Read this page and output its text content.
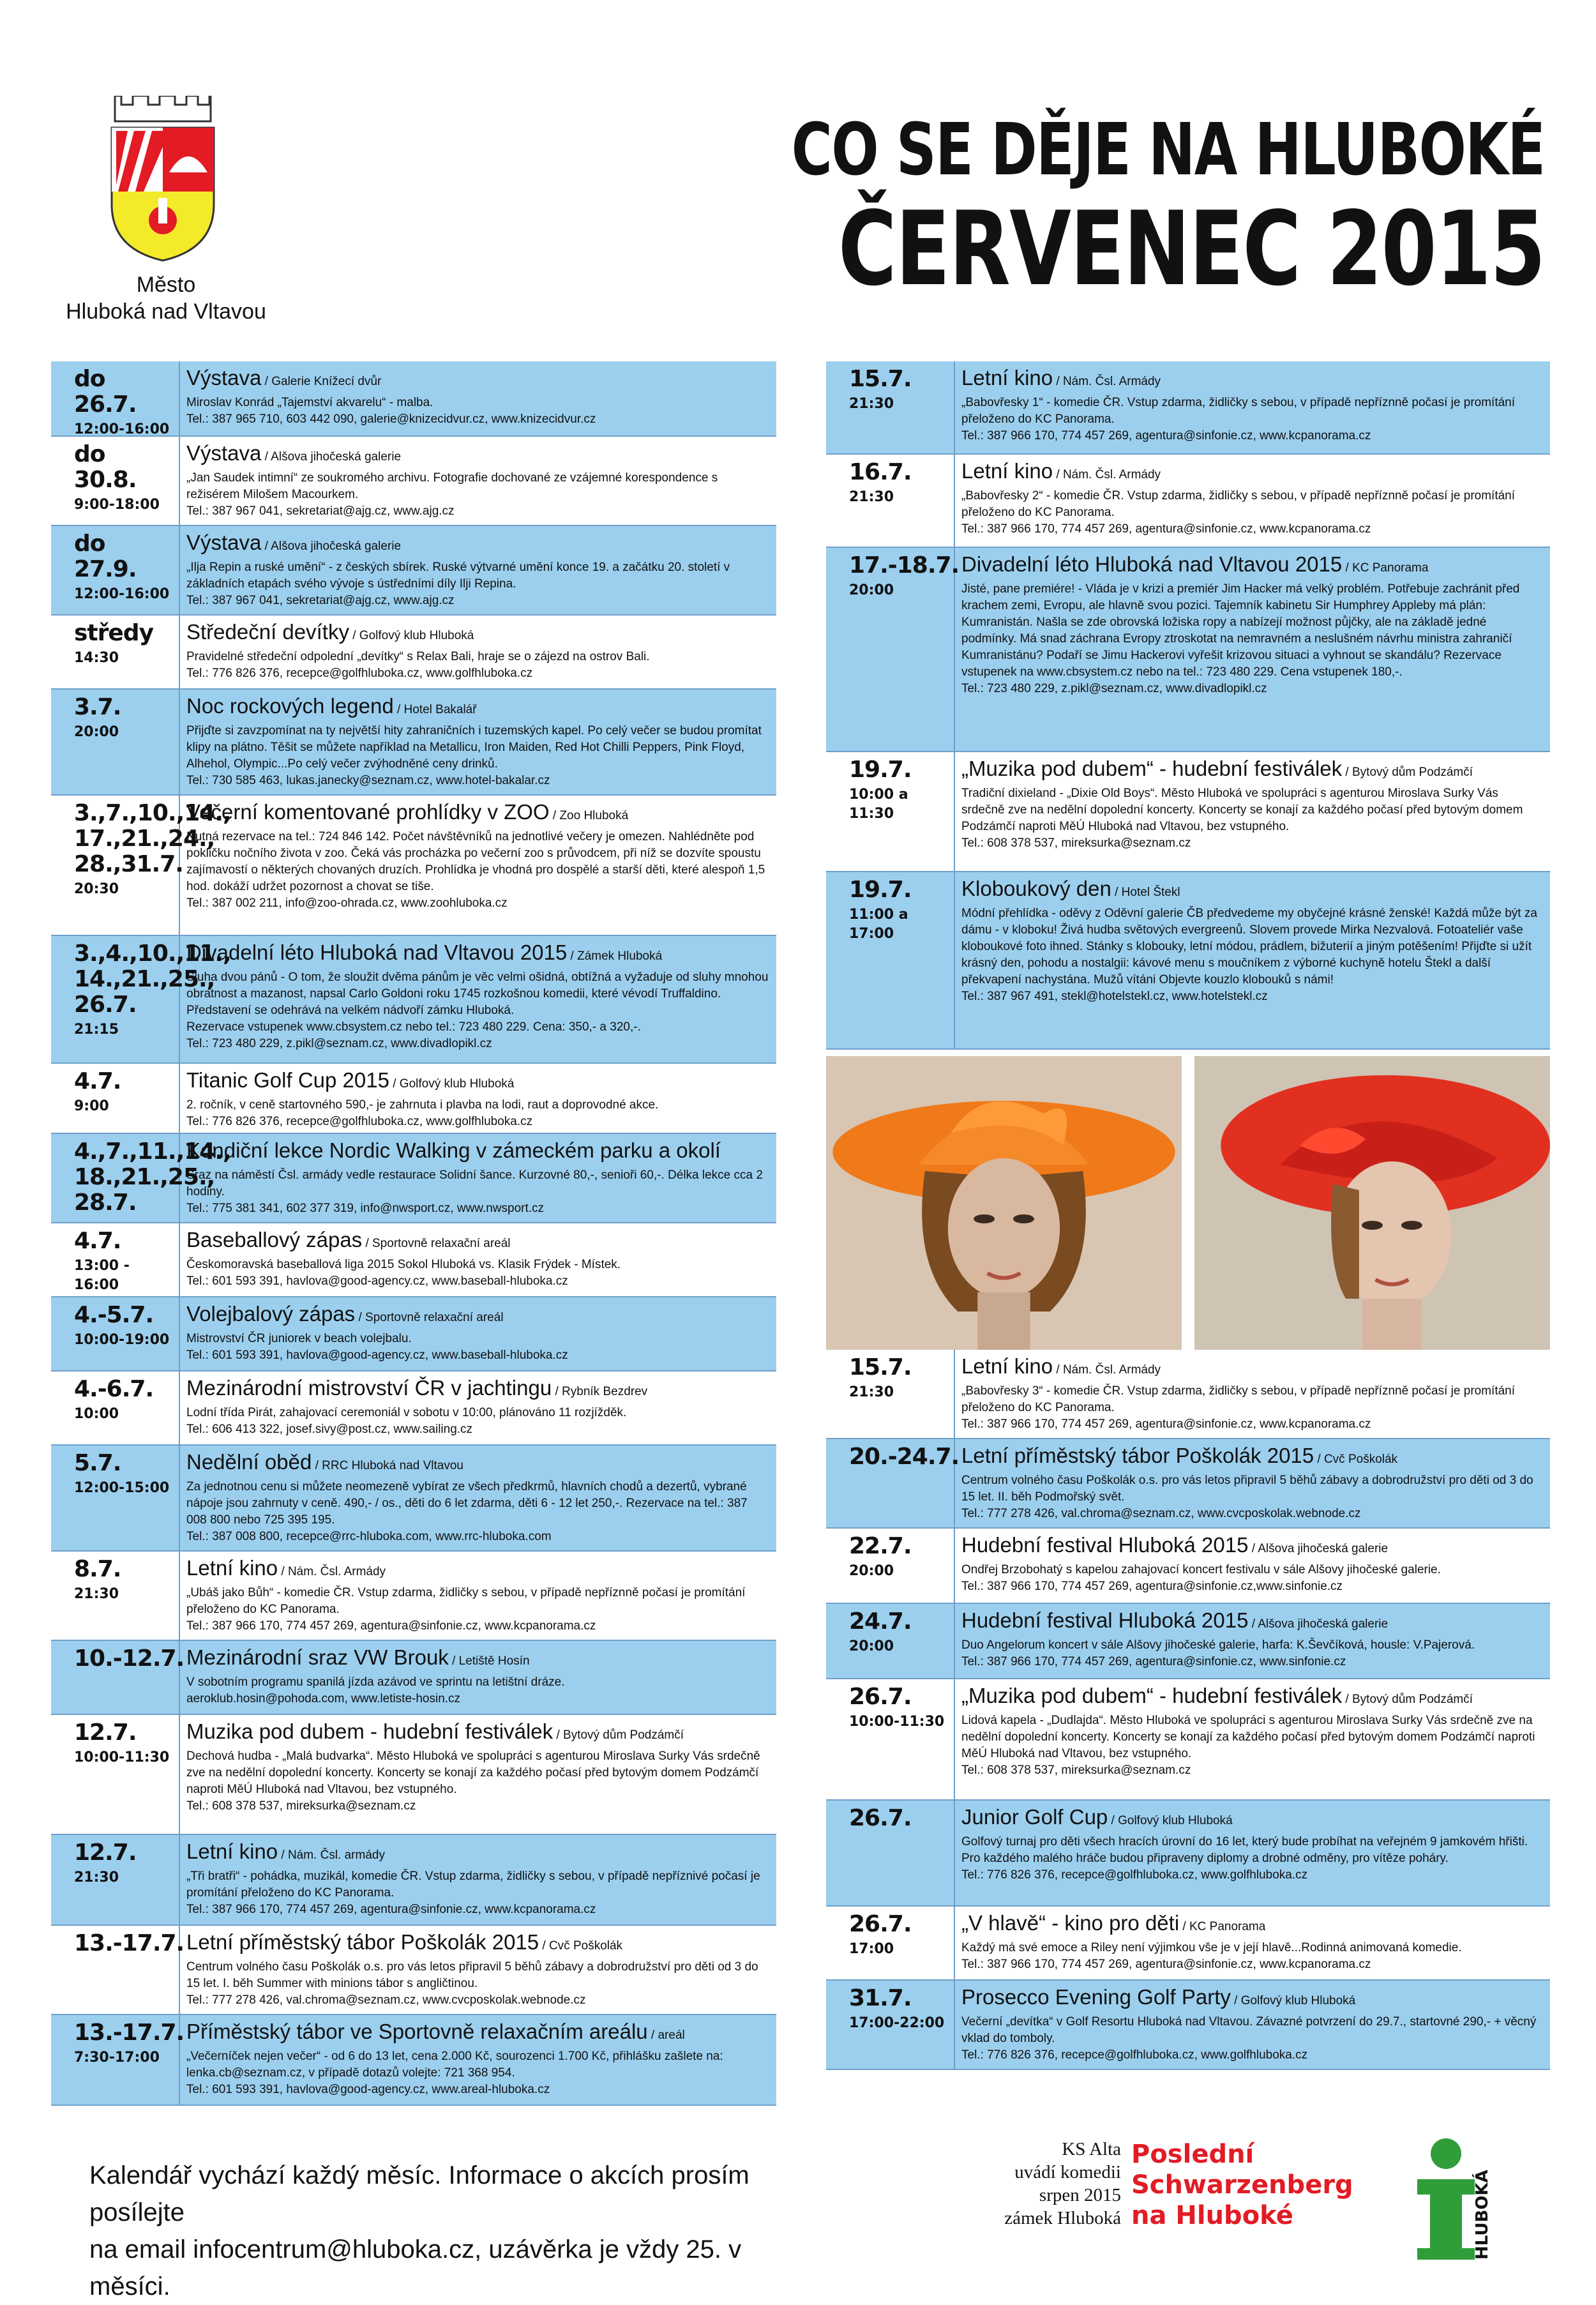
Město
Hluboká nad Vltavou
CO SE DĚJE NA HLUBOKÉ
ČERVENEC 2015
do 26.7.
12:00-16:00
Výstava / Galerie Knížecí dvůr
Miroslav Konrád „Tajemství akvarelu“ - malba.
Tel.: 387 965 710, 603 442 090, galerie@knizecidvur.cz, www.knizecidvur.cz
do 30.8.
9:00-18:00
Výstava / Alšova jihočeská galerie
„Jan Saudek intimní“ ze soukromého archivu. Fotografie dochované ze vzájemné korespondence s režisérem Milošem Macourkem.
Tel.: 387 967 041, sekretariat@ajg.cz, www.ajg.cz
do 27.9.
12:00-16:00
Výstava / Alšova jihočeská galerie
„Ilja Repin a ruské umění“ - z českých sbírek. Ruské výtvarné umění konce 19. a začátku 20. století v základních etapách svého vývoje s ústředními díly Ilji Repina.
Tel.: 387 967 041, sekretariat@ajg.cz, www.ajg.cz
středy
14:30
Středeční devítky / Golfový klub Hluboká
Pravidelné středeční odpolední „devítky“ s Relax Bali, hraje se o zájezd na ostrov Bali.
Tel.: 776 826 376, recepce@golfhluboka.cz, www.golfhluboka.cz
3.7.
20:00
Noc rockových legend / Hotel Bakalář
Přijďte si zavzpomínat na ty největší hity zahraničních i tuzemských kapel. Po celý večer se budou promítat klipy na plátno. Těšit se můžete například na Metallicu, Iron Maiden, Red Hot Chilli Peppers, Pink Floyd, Alhehol, Olympic...Po celý večer zvýhodněné ceny drinků.
Tel.: 730 585 463, lukas.janecky@seznam.cz, www.hotel-bakalar.cz
3.,7.,10.,14.,
17.,21.,24.,
28.,31.7.
20:30
Večerní komentované prohlídky v ZOO / Zoo Hluboká
Nutná rezervace na tel.: 724 846 142. Počet návštěvníků na jednotlivé večery je omezen. Nahlédněte pod pokličku nočního života v zoo. Čeká vás procházka po večerní zoo s průvodcem, při níž se dozvíte spoustu zajímavostí o některých chovaných druzích. Prohlídka je vhodná pro dospělé a starší děti, které alespoň 1,5 hod. dokáží udržet pozornost a chovat se tiše.
Tel.: 387 002 211, info@zoo-ohrada.cz, www.zoohluboka.cz
3.,4.,10.,11.,
14.,21.,25.,
26.7.
21:15
Divadelní léto Hluboká nad Vltavou 2015 / Zámek Hluboká
Sluha dvou pánů - O tom, že sloužit dvěma pánům je věc velmi ošidná, obtížná a vyžaduje od sluhy mnohou obratnost a mazanost, napsal Carlo Goldoni roku 1745 rozkošnou komedii, které vévodí Truffaldino. Představení se odehrává na velkém nádvoří zámku Hluboká.
Rezervace vstupenek www.cbsystem.cz nebo tel.: 723 480 229. Cena: 350,- a 320,-.
Tel.: 723 480 229, z.pikl@seznam.cz, www.divadlopikl.cz
4.7.
9:00
Titanic Golf Cup 2015 / Golfový klub Hluboká
2. ročník, v ceně startovného 590,- je zahrnuta i plavba na lodi, raut a doprovodné akce.
Tel.: 776 826 376, recepce@golfhluboka.cz, www.golfhluboka.cz
4.,7.,11.,14.,
18.,21.,25.,
28.7.
Kondiční lekce Nordic Walking v zámeckém parku a okolí
Sraz na náměstí Čsl. armády vedle restaurace Solidní šance. Kurzovné 80,-, senioři 60,-. Délka lekce cca 2 hodiny.
Tel.: 775 381 341, 602 377 319, info@nwsport.cz, www.nwsport.cz
4.7.
13:00 - 16:00
Baseballový zápas / Sportovně relaxační areál
Českomoravská baseballová liga 2015 Sokol Hluboká vs. Klasik Frýdek - Místek.
Tel.: 601 593 391, havlova@good-agency.cz, www.baseball-hluboka.cz
4.-5.7.
10:00-19:00
Volejbalový zápas / Sportovně relaxační areál
Mistrovství ČR juniorek v beach volejbalu.
Tel.: 601 593 391, havlova@good-agency.cz, www.baseball-hluboka.cz
4.-6.7.
10:00
Mezinárodní mistrovství ČR v jachtingu / Rybník Bezdrev
Lodní třída Pirát, zahajovací ceremoniál v sobotu v 10:00, plánováno 11 rozjížděk.
Tel.: 606 413 322, josef.sivy@post.cz, www.sailing.cz
5.7.
12:00-15:00
Nedělní oběd / RRC Hluboká nad Vltavou
Za jednotnou cenu si můžete neomezeně vybírat ze všech předkrmů, hlavních chodů a dezertů, vybrané nápoje jsou zahrnuty v ceně. 490,- / os., děti do 6 let zdarma, děti 6 - 12 let 250,-. Rezervace na tel.: 387 008 800 nebo 725 395 195.
Tel.: 387 008 800, recepce@rrc-hluboka.com, www.rrc-hluboka.com
8.7.
21:30
Letní kino / Nám. Čsl. Armády
„Ubáš jako Bůh“ - komedie ČR. Vstup zdarma, židličky s sebou, v případě nepříznně počasí je promítání přeloženo do KC Panorama.
Tel.: 387 966 170, 774 457 269, agentura@sinfonie.cz, www.kcpanorama.cz
10.-12.7. Mezinárodní sraz VW Brouk / Letiště Hosín
V sobotním programu spanilá jízda azávod ve sprintu na letištní dráze.
aeroklub.hosin@pohoda.com, www.letiste-hosin.cz
12.7.
10:00-11:30
Muzika pod dubem - hudební festiválek / Bytový dům Podzámčí
Dechová hudba - „Malá budvarka“. Město Hluboká ve spolupráci s agenturou Miroslava Surky Vás srdečně zve na nedělní dopolední koncerty. Koncerty se konají za každého počasí před bytovým domem Podzámčí naproti MěÚ Hluboká nad Vltavou, bez vstupného.
Tel.: 608 378 537, mireksurka@seznam.cz
12.7.
21:30
Letní kino / Nám. Čsl. armády
„Tři bratři“ - pohádka, muzikál, komedie ČR. Vstup zdarma, židličky s sebou, v případě nepříznivé počasí je promítání přeloženo do KC Panorama.
Tel.: 387 966 170, 774 457 269, agentura@sinfonie.cz, www.kcpanorama.cz
13.-17.7. Letní příměstský tábor Poškolák 2015 / Cvč Poškolák
Centrum volného času Poškolák o.s. pro vás letos připravil 5 běhů zábavy a dobrodružství pro děti od 3 do 15 let. I. běh Summer with minions tábor s angličtinou.
Tel.: 777 278 426, val.chroma@seznam.cz, www.cvcposkolak.webnode.cz
13.-17.7.
7:30-17:00
Příměstský tábor ve Sportovně relaxačním areálu / areál
„Večerníček nejen večer“ - od 6 do 13 let, cena 2.000 Kč, sourozenci 1.700 Kč, přihlášku zašlete na: lenka.cb@seznam.cz, v případě dotazů volejte: 721 368 954.
Tel.: 601 593 391, havlova@good-agency.cz, www.areal-hluboka.cz
15.7.
21:30
Letní kino / Nám. Čsl. Armády
„Babovřesky 1“ - komedie ČR. Vstup zdarma, židličky s sebou, v případě nepříznně počasí je promítání přeloženo do KC Panorama.
Tel.: 387 966 170, 774 457 269, agentura@sinfonie.cz, www.kcpanorama.cz
16.7.
21:30
Letní kino / Nám. Čsl. Armády
„Babovřesky 2“ - komedie ČR. Vstup zdarma, židličky s sebou, v případě nepříznně počasí je promítání přeloženo do KC Panorama.
Tel.: 387 966 170, 774 457 269, agentura@sinfonie.cz, www.kcpanorama.cz
17.-18.7.
20:00
Divadelní léto Hluboká nad Vltavou 2015 / KC Panorama
Jisté, pane premiére! - Vláda je v krizi a premiér Jim Hacker má velký problém. Potřebuje zachránit před krachem zemi, Evropu, ale hlavně svou pozici. Tajemník kabinetu Sir Humphrey Appleby má plán: Kumranistán. Našla se zde obrovská ložiska ropy a nabízejí možnost půjčky, ale na základě jedné podmínky. Má snad záchrana Evropy ztroskotat na nemravném a neslušném návrhu ministra zahraničí Kumranistánu? Podaří se Jimu Hackerovi vyřešit krizovou situaci a vyhnout se skandálu? Rezervace vstupenek na www.cbsystem.cz nebo na tel.: 723 480 229. Cena vstupenek 180,-.
Tel.: 723 480 229, z.pikl@seznam.cz, www.divadlopikl.cz
19.7.
10:00 a 11:30
„Muzika pod dubem“ - hudební festiválek / Bytový dům Podzámčí
Tradiční dixieland - „Dixie Old Boys“. Město Hluboká ve spolupráci s agenturou Miroslava Surky Vás srdečně zve na nedělní dopolední koncerty. Koncerty se konají za každého počasí před bytovým domem Podzámčí naproti MěÚ Hluboká nad Vltavou, bez vstupného.
Tel.: 608 378 537, mireksurka@seznam.cz
19.7.
11:00 a 17:00
Kloboukový den / Hotel Štekl
Módní přehlídka - oděvy z Oděvní galerie ČB předvedeme my obyčejné krásné ženské! Každá může být za dámu - v kloboku! Živá hudba světových evergreenů. Slovem provede Mirka Nezvalová. Fotoateliér vaše kloboukové foto ihned. Stánky s klobouky, letní módou, prádlem, bižuterií a jiným potěšením! Přijďte si užít krásný den, pohodu a nostalgii: kávové menu s moučníkem z výborné kuchyně hotelu Štekl a další překvapení nachystána. Mužů vítáni Objevte kouzlo klobouků s námi!
Tel.: 387 967 491, stekl@hotelstekl.cz, www.hotelstekl.cz
15.7.
21:30
Letní kino / Nám. Čsl. Armády
„Babovřesky 3“ - komedie ČR. Vstup zdarma, židličky s sebou, v případě nepříznně počasí je promítání přeloženo do KC Panorama.
Tel.: 387 966 170, 774 457 269, agentura@sinfonie.cz, www.kcpanorama.cz
20.-24.7. Letní příměstský tábor Poškolák 2015 / Cvč Poškolák
Centrum volného času Poškolák o.s. pro vás letos připravil 5 běhů zábavy a dobrodružství pro děti od 3 do 15 let. II. běh Podmořský svět.
Tel.: 777 278 426, val.chroma@seznam.cz, www.cvcposkolak.webnode.cz
22.7.
20:00
Hudební festival Hluboká 2015 / Alšova jihočeská galerie
Ondřej Brzobohatý s kapelou zahajovací koncert festivalu v sále Alšovy jihočeské galerie.
Tel.: 387 966 170, 774 457 269, agentura@sinfonie.cz,www.sinfonie.cz
24.7.
20:00
Hudební festival Hluboká 2015 / Alšova jihočeská galerie
Duo Angelorum koncert v sále Alšovy jihočeské galerie, harfa: K.Ševčíková, housle: V.Pajerová.
Tel.: 387 966 170, 774 457 269, agentura@sinfonie.cz, www.sinfonie.cz
26.7.
10:00-11:30
„Muzika pod dubem“ - hudební festiválek / Bytový dům Podzámčí
Lidová kapela - „Dudlajda“. Město Hluboká ve spolupráci s agenturou Miroslava Surky Vás srdečně zve na nedělní dopolední koncerty. Koncerty se konají za každého počasí před bytovým domem Podzámčí naproti MěÚ Hluboká nad Vltavou, bez vstupného.
Tel.: 608 378 537, mireksurka@seznam.cz
26.7.	Junior Golf Cup / Golfový klub Hluboká
Golfový turnaj pro děti všech hracích úrovní do 16 let, který bude probíhat na veřejném 9 jamkovém hřišti. Pro každého malého hráče budou připraveny diplomy a drobné odměny, pro vítěze poháry.
Tel.: 776 826 376, recepce@golfhluboka.cz, www.golfhluboka.cz
26.7.
17:00
„V hlavě“ - kino pro děti / KC Panorama
Každý má své emoce a Riley není výjimkou vše je v její hlavě...Rodinná animovaná komedie.
Tel.: 387 966 170, 774 457 269, agentura@sinfonie.cz, www.kcpanorama.cz
31.7.
17:00-22:00
Prosecco Evening Golf Party / Golfový klub Hluboká
Večerní „devítka“ v Golf Resortu Hluboká nad Vltavou. Závazné potvrzení do 29.7., startovné 290,- + věcný vklad do tomboly.
Tel.: 776 826 376, recepce@golfhluboka.cz, www.golfhluboka.cz
Kalendář vychází každý měsíc. Informace o akcích prosím posílejte
na email infocentrum@hluboka.cz, uzávěrka je vždy 25. v měsíci.
KS Alta
uvádí komedii
srpen 2015
zámek Hluboká
Poslední
Schwarzenberg
na Hluboké	HLUBOKÁ
